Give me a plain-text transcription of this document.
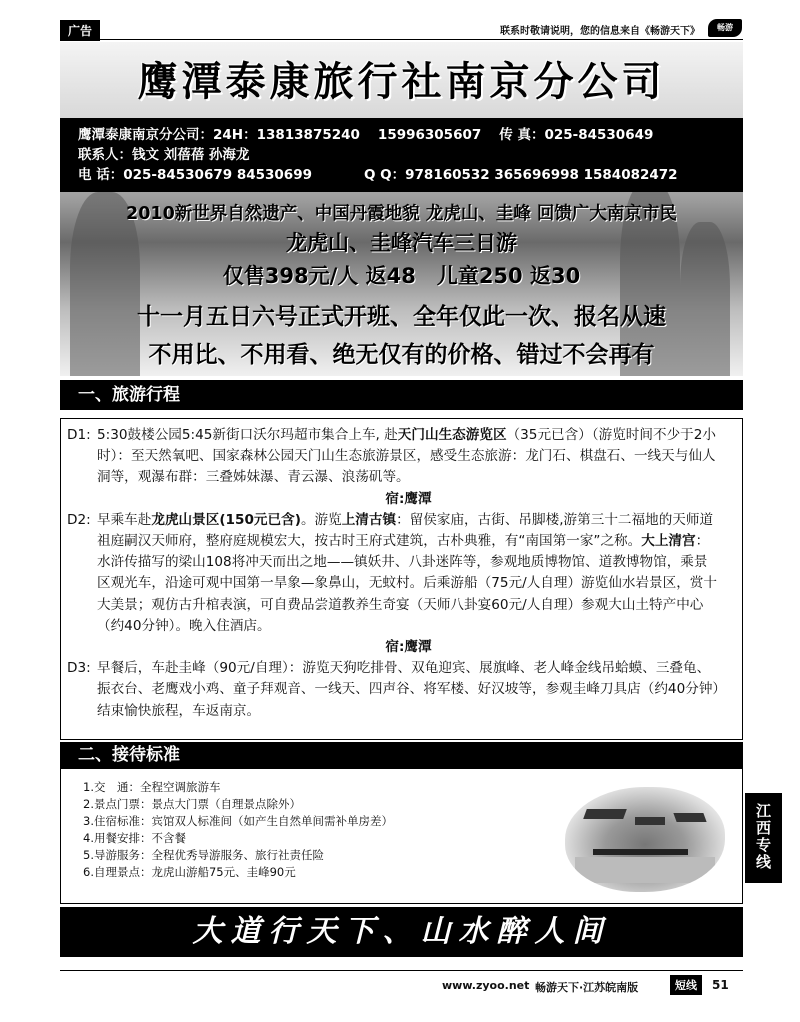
广告	联系时敬请说明，您的信息来自《畅游天下》	畅游
鹰潭泰康旅行社南京分公司
鹰潭泰康南京分公司：24H：13813875240 15996305607 传 真：025-84530649
联系人：钱文 刘蓓蓓 孙海龙
电 话：025-84530679 84530699	Q Q：978160532 365696998 1584082472
2010新世界自然遗产、中国丹霞地貌 龙虎山、圭峰 回馈广大南京市民
龙虎山、圭峰汽车三日游
仅售398元/人 返48　儿童250 返30
十一月五日六号正式开班、全年仅此一次、报名从速
不用比、不用看、绝无仅有的价格、错过不会再有
一、旅游行程
D1: 5:30鼓楼公园5:45新街口沃尔玛超市集合上车, 赴天门山生态游览区（35元已含）（游览时间不少于2小时）：至天然氧吧、国家森林公园天门山生态旅游景区，感受生态旅游：龙门石、棋盘石、一线天与仙人洞等，观瀑布群：三叠姊妹瀑、青云瀑、浪荡矶等。
宿:鹰潭
D2: 早乘车赴龙虎山景区(150元已含)。游览上清古镇：留侯家庙，古街、吊脚楼,游第三十二福地的天师道祖庭嗣汉天师府，整府庭规模宏大，按古时王府式建筑，古朴典雅，有“南国第一家”之称。大上清宫：水浒传描写的梁山108将冲天而出之地——镇妖井、八卦迷阵等，参观地质博物馆、道教博物馆，乘景区观光车，沿途可观中国第一旱象—象鼻山，无蚊村。后乘游船（75元/人自理）游览仙水岩景区，赏十大美景；观仿古升棺表演，可自费品尝道教养生奇宴（天师八卦宴60元/人自理）参观大山土特产中心（约40分钟）。晚入住酒店。
宿:鹰潭
D3: 早餐后，车赴圭峰（90元/自理）：游览天狗吃排骨、双龟迎宾、展旗峰、老人峰金线吊蛤蟆、三叠龟、振衣台、老鹰戏小鸡、童子拜观音、一线天、四声谷、将军楼、好汉坡等，参观圭峰刀具店（约40分钟）结束愉快旅程，车返南京。
二、接待标准
1.交　通：全程空调旅游车
2.景点门票：景点大门票（自理景点除外）
3.住宿标准：宾馆双人标准间（如产生自然单间需补单房差）
4.用餐安排：不含餐
5.导游服务：全程优秀导游服务、旅行社责任险
6.自理景点：龙虎山游船75元、圭峰90元
江
西
专
线
大道行天下、山水醉人间
www.zyoo.net 畅游天下·江苏皖南版	短线	51
